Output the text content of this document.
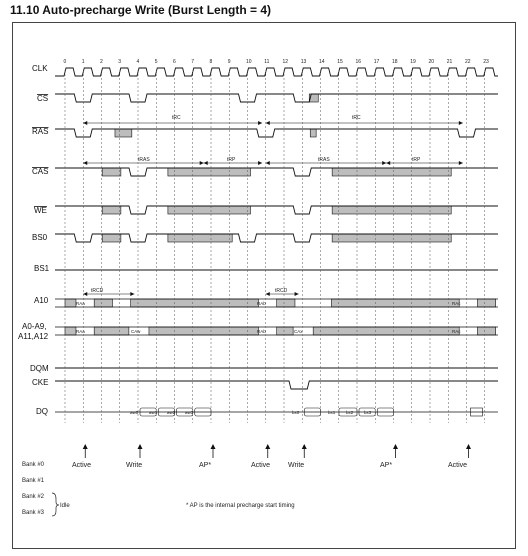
11.10 Auto-precharge Write (Burst Length = 4)
CLK
CS
RAS
CAS
WE
BS0
BS1
A10
A0-A9,
A11,A12
DQM
CKE
DQ
tRC	tRC
tRAS	tRP	tRAS	tRP
tRCD	tRCD
RAa	RAb	RAc
RAa	CAw	RAb	CAx	RAc
aw0 aw1 aw2 aw3	bx0	bx1 bx2 bx3
Active	Write	AP*	Active	Write	AP*	Active
Bank #0
Bank #1
Bank #2
Bank #3
Idle	* AP is the internal precharge start timing
0	1	2	3	4	5	6	7	8	9	10	11	12	13	14	15	16	17	18	19	20	21	22	23
